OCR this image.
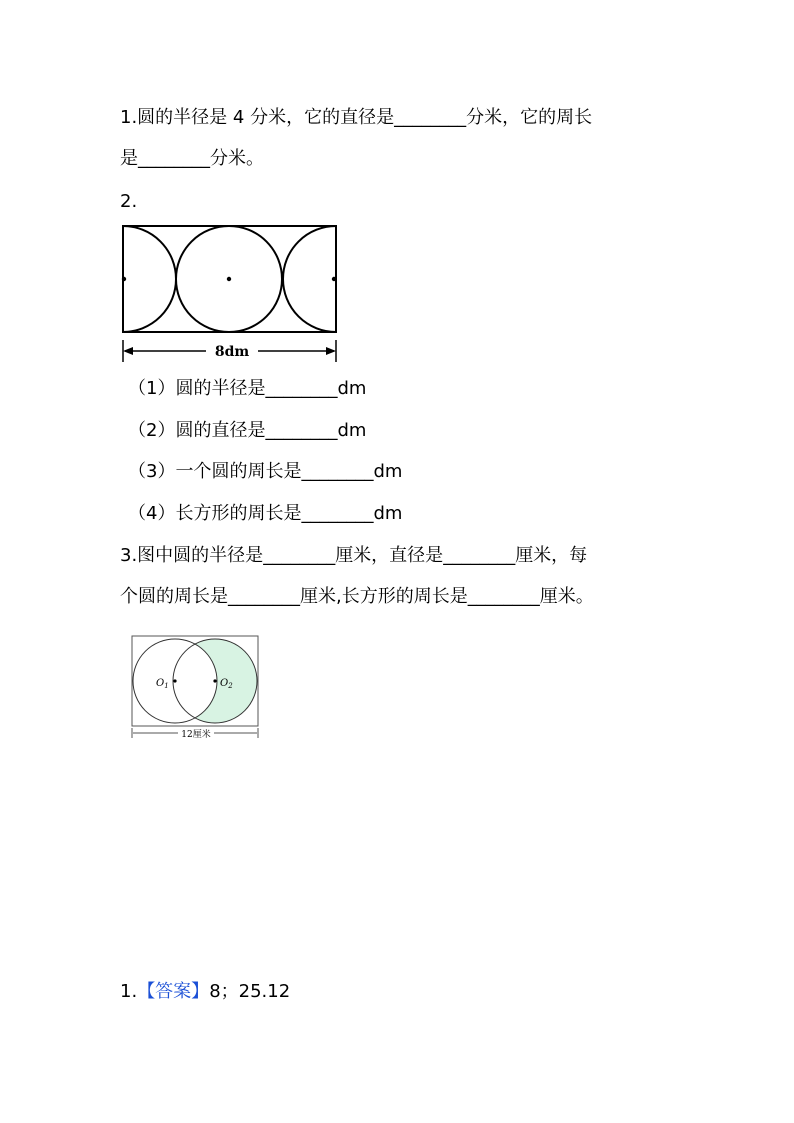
1.圆的半径是 4 分米，它的直径是________分米，它的周长
是________分米。
2.
8dm
（1）圆的半径是________dm
（2）圆的直径是________dm
（3）一个圆的周长是________dm
（4）长方形的周长是________dm
3.图中圆的半径是________厘米，直径是________厘米，每
个圆的周长是________厘米,长方形的周长是________厘米。
$O_1$	$O_2$
12厘米
1.【答案】8；25.12
